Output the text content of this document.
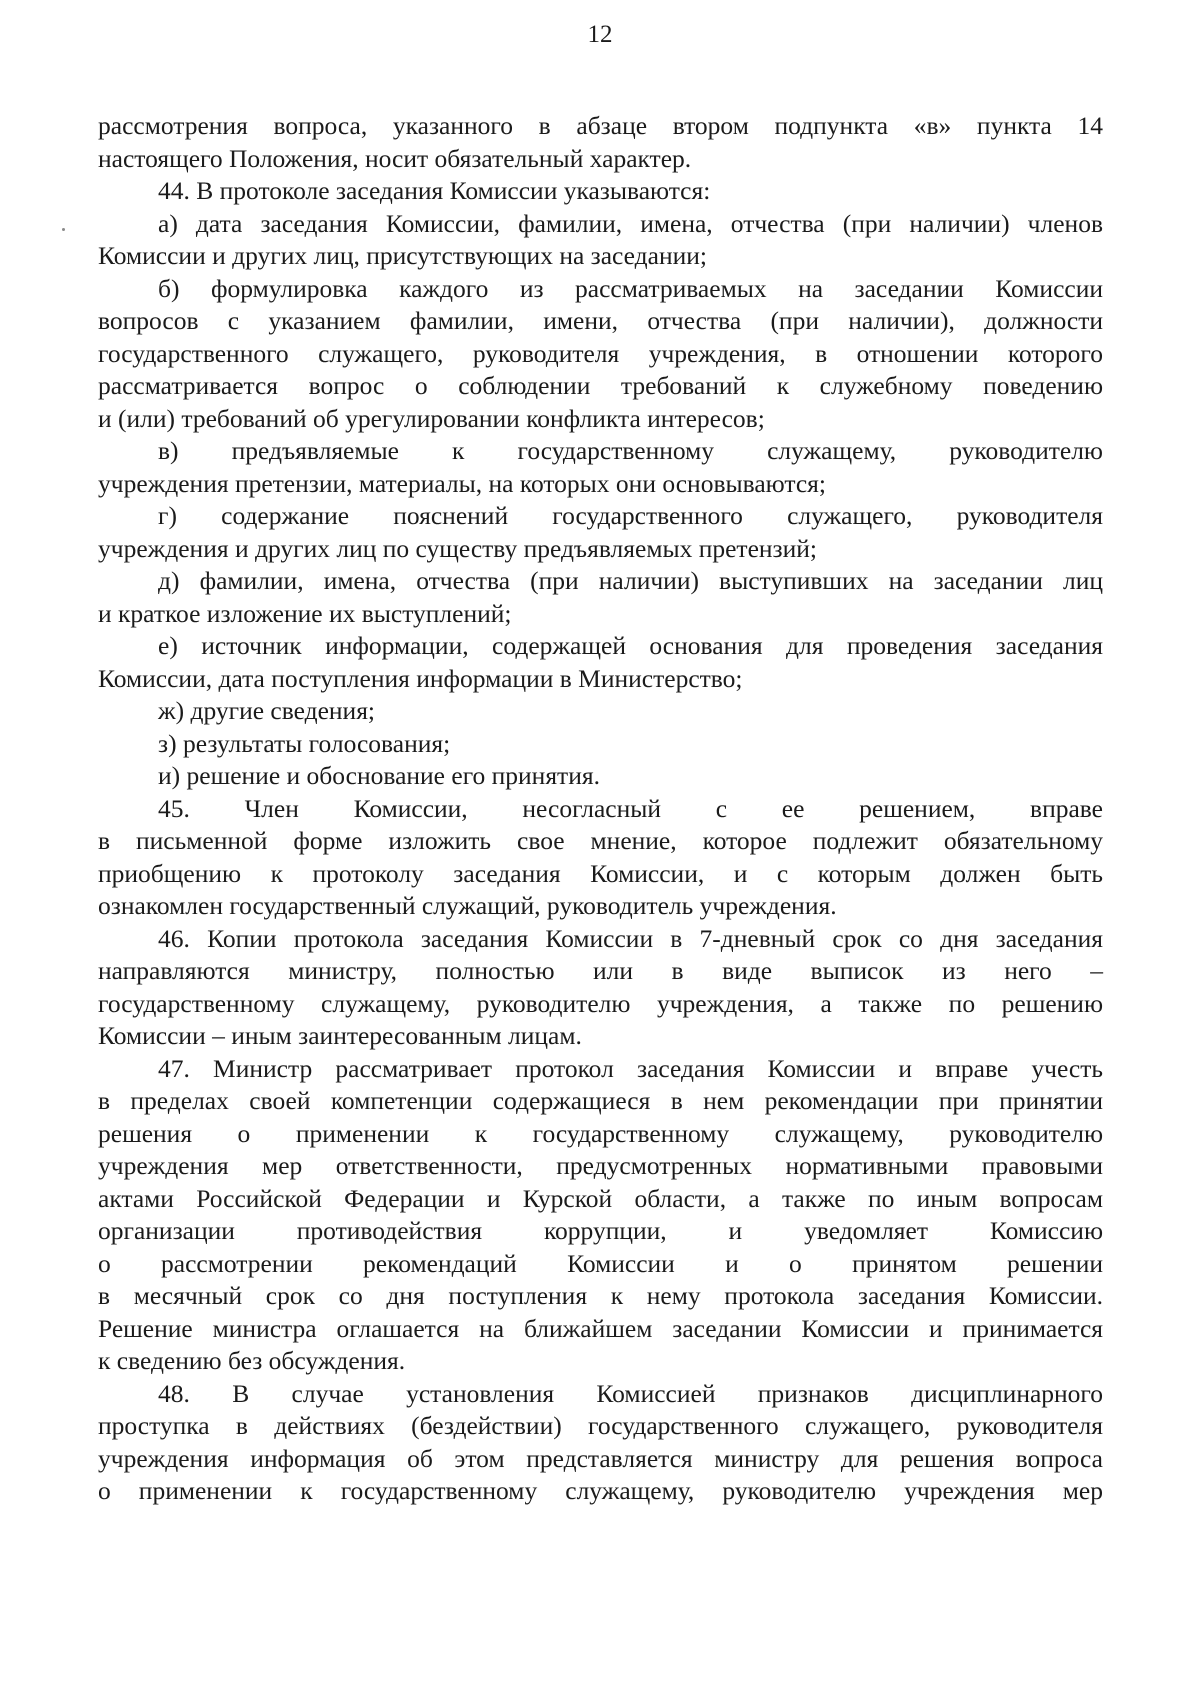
12
рассмотрения вопроса, указанного в абзаце втором подпункта «в» пункта 14
настоящего Положения, носит обязательный характер.
44. В протоколе заседания Комиссии указываются:
а) дата заседания Комиссии, фамилии, имена, отчества (при наличии) членов
Комиссии и других лиц, присутствующих на заседании;
б) формулировка каждого из рассматриваемых на заседании Комиссии
вопросов с указанием фамилии, имени, отчества (при наличии), должности
государственного служащего, руководителя учреждения, в отношении которого
рассматривается вопрос о соблюдении требований к служебному поведению
и (или) требований об урегулировании конфликта интересов;
в) предъявляемые к государственному служащему, руководителю
учреждения претензии, материалы, на которых они основываются;
г) содержание пояснений государственного служащего, руководителя
учреждения и других лиц по существу предъявляемых претензий;
д) фамилии, имена, отчества (при наличии) выступивших на заседании лиц
и краткое изложение их выступлений;
е) источник информации, содержащей основания для проведения заседания
Комиссии, дата поступления информации в Министерство;
ж) другие сведения;
з) результаты голосования;
и) решение и обоснование его принятия.
45. Член Комиссии, несогласный с ее решением, вправе
в письменной форме изложить свое мнение, которое подлежит обязательному
приобщению к протоколу заседания Комиссии, и с которым должен быть
ознакомлен государственный служащий, руководитель учреждения.
46. Копии протокола заседания Комиссии в 7-дневный срок со дня заседания
направляются министру, полностью или в виде выписок из него –
государственному служащему, руководителю учреждения, а также по решению
Комиссии – иным заинтересованным лицам.
47. Министр рассматривает протокол заседания Комиссии и вправе учесть
в пределах своей компетенции содержащиеся в нем рекомендации при принятии
решения о применении к государственному служащему, руководителю
учреждения мер ответственности, предусмотренных нормативными правовыми
актами Российской Федерации и Курской области, а также по иным вопросам
организации противодействия коррупции, и уведомляет Комиссию
о рассмотрении рекомендаций Комиссии и о принятом решении
в месячный срок со дня поступления к нему протокола заседания Комиссии.
Решение министра оглашается на ближайшем заседании Комиссии и принимается
к сведению без обсуждения.
48. В случае установления Комиссией признаков дисциплинарного
проступка в действиях (бездействии) государственного служащего, руководителя
учреждения информация об этом представляется министру для решения вопроса
о применении к государственному служащему, руководителю учреждения мер
